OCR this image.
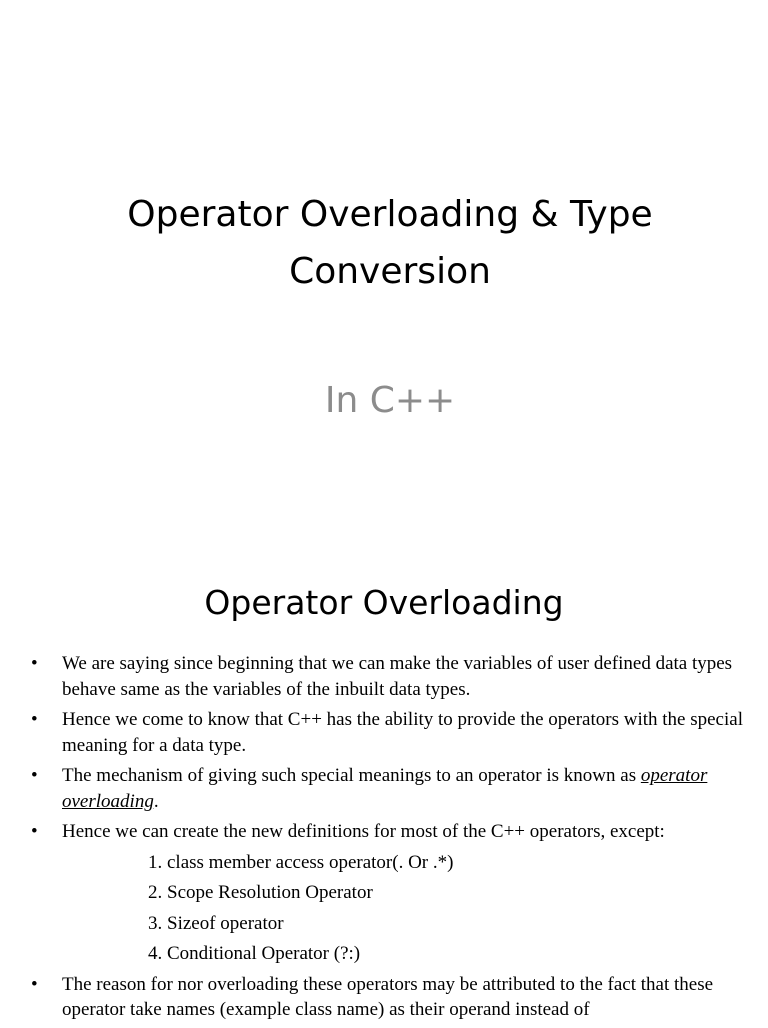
Operator Overloading & Type Conversion
In C++
Operator Overloading
• We are saying since beginning that we can make the variables of user defined data types behave same as the variables of the inbuilt data types.
• Hence we come to know that C++ has the ability to provide the operators with the special meaning for a data type.
• The mechanism of giving such special meanings to an operator is known as operator overloading.
• Hence we can create the new definitions for most of the C++ operators, except:
1. class member access operator(. Or .*)
2. Scope Resolution Operator
3. Sizeof operator
4. Conditional Operator (?:)
• The reason for nor overloading these operators may be attributed to the fact that these operator take names (example class name) as their operand instead of
